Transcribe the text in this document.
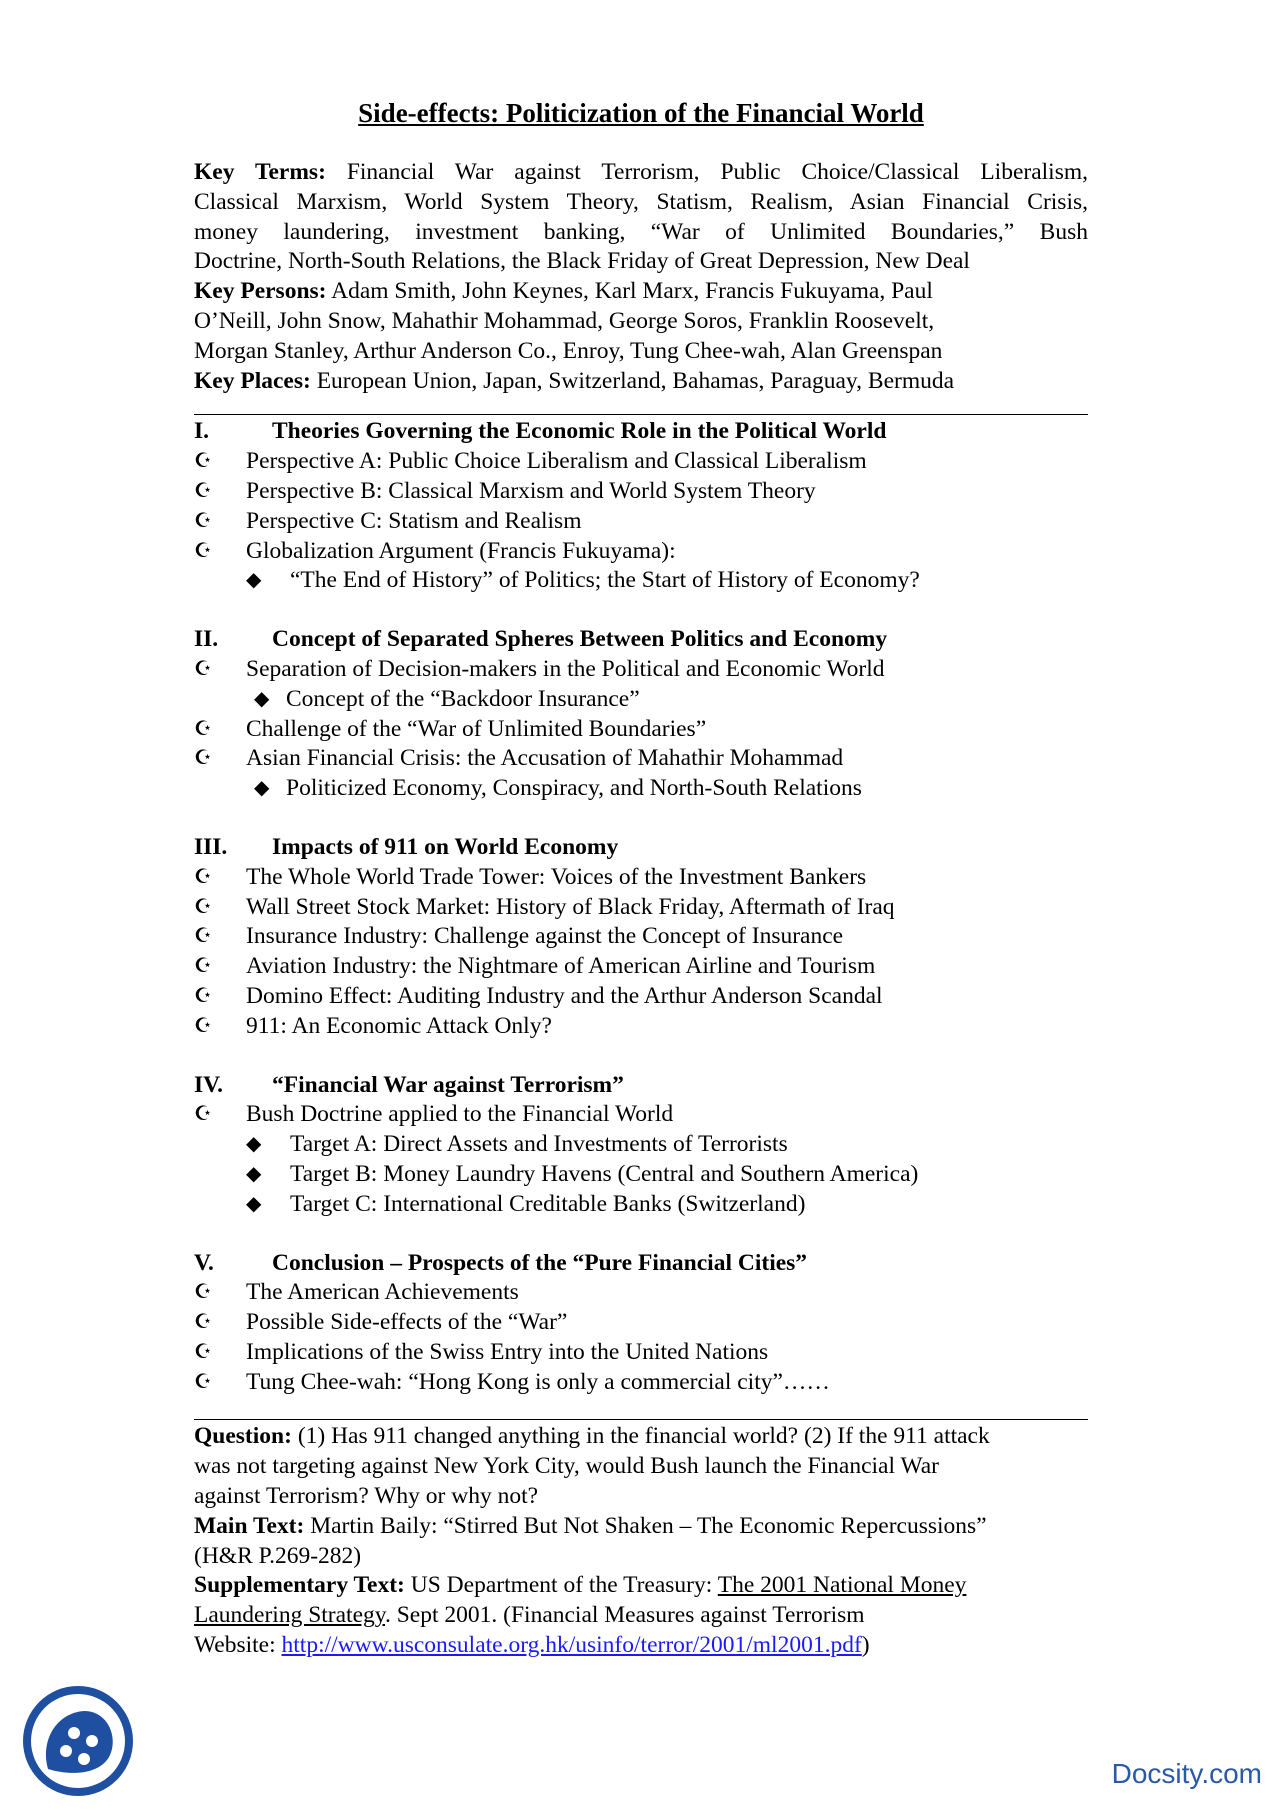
Side-effects: Politicization of the Financial World

Key Terms: Financial War against Terrorism, Public Choice/Classical Liberalism,

Classical Marxism, World System Theory, Statism, Realism, Asian Financial Crisis,

money laundering, investment banking, “War of Unlimited Boundaries,” Bush

Doctrine, North-South Relations, the Black Friday of Great Depression, New Deal

Key Persons: Adam Smith, John Keynes, Karl Marx, Francis Fukuyama, Paul

O’Neill, John Snow, Mahathir Mohammad, George Soros, Franklin Roosevelt,

Morgan Stanley, Arthur Anderson Co., Enroy, Tung Chee-wah, Alan Greenspan

Key Places: European Union, Japan, Switzerland, Bahamas, Paraguay, Bermuda

I.	Theories Governing the Economic Role in the Political World
☪	Perspective A: Public Choice Liberalism and Classical Liberalism
☪	Perspective B: Classical Marxism and World System Theory
☪	Perspective C: Statism and Realism
☪	Globalization Argument (Francis Fukuyama):
◆	“The End of History” of Politics; the Start of History of Economy?
II.	Concept of Separated Spheres Between Politics and Economy
☪	Separation of Decision-makers in the Political and Economic World
◆ Concept of the “Backdoor Insurance”
☪	Challenge of the “War of Unlimited Boundaries”
☪	Asian Financial Crisis: the Accusation of Mahathir Mohammad
◆ Politicized Economy, Conspiracy, and North-South Relations
III.	Impacts of 911 on World Economy
☪	The Whole World Trade Tower: Voices of the Investment Bankers
☪	Wall Street Stock Market: History of Black Friday, Aftermath of Iraq
☪	Insurance Industry: Challenge against the Concept of Insurance
☪	Aviation Industry: the Nightmare of American Airline and Tourism
☪	Domino Effect: Auditing Industry and the Arthur Anderson Scandal
☪	911: An Economic Attack Only?
IV.	“Financial War against Terrorism”
☪	Bush Doctrine applied to the Financial World
◆	Target A: Direct Assets and Investments of Terrorists
◆	Target B: Money Laundry Havens (Central and Southern America)
◆	Target C: International Creditable Banks (Switzerland)
V.	Conclusion – Prospects of the “Pure Financial Cities”
☪	The American Achievements
☪	Possible Side-effects of the “War”
☪	Implications of the Swiss Entry into the United Nations
☪	Tung Chee-wah: “Hong Kong is only a commercial city”……

Question: (1) Has 911 changed anything in the financial world? (2) If the 911 attack

was not targeting against New York City, would Bush launch the Financial War

against Terrorism? Why or why not?

Main Text: Martin Baily: “Stirred But Not Shaken – The Economic Repercussions”

(H&R P.269-282)

Supplementary Text: US Department of the Treasury: The 2001 National Money

Laundering Strategy. Sept 2001. (Financial Measures against Terrorism

Website: http://www.usconsulate.org.hk/usinfo/terror/2001/ml2001.pdf)

Docsity.com
